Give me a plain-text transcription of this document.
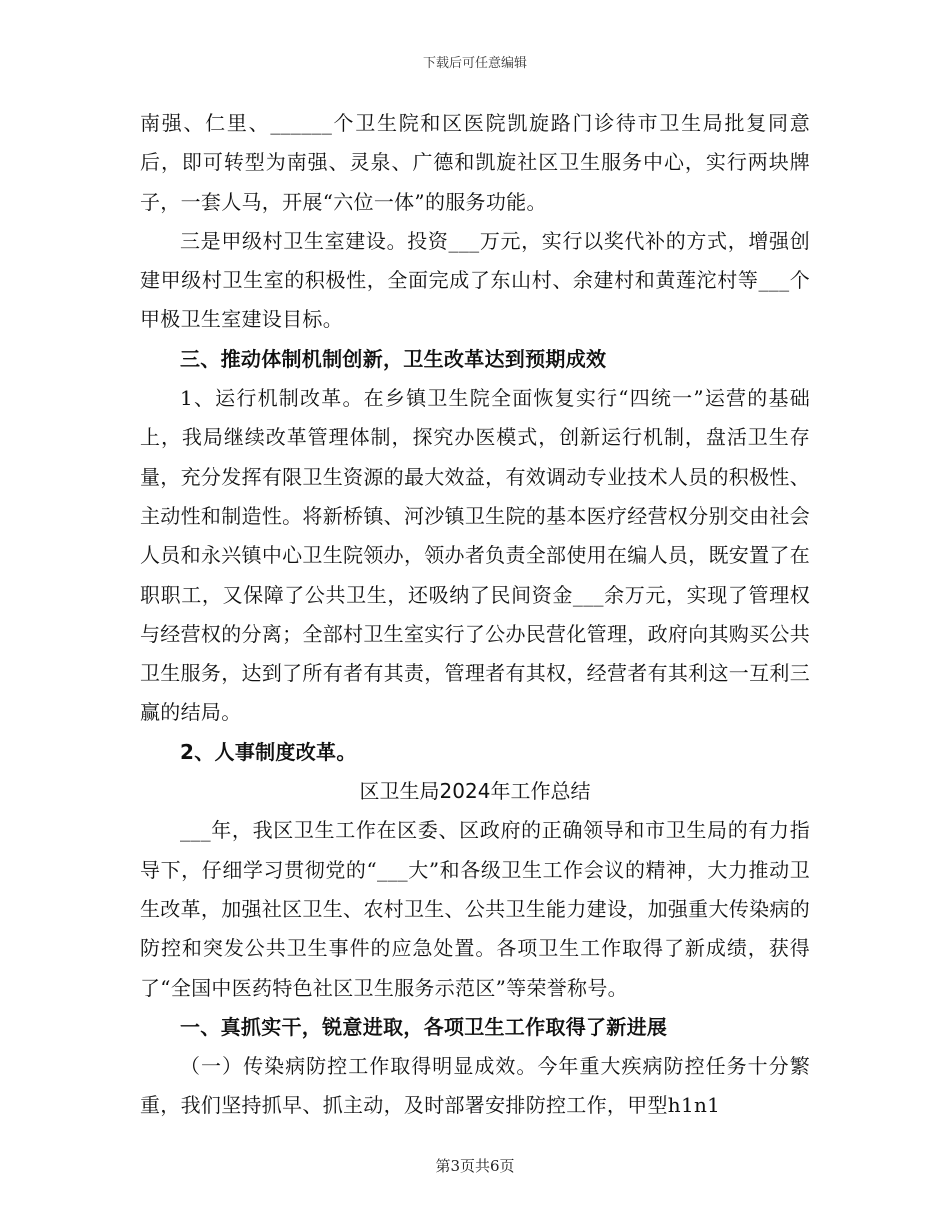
下载后可任意编辑

南强、仁里、______个卫生院和区医院凯旋路门诊待市卫生局批复同意后，即可转型为南强、灵泉、广德和凯旋社区卫生服务中心，实行两块牌子，一套人马，开展“六位一体”的服务功能。

三是甲级村卫生室建设。投资___万元，实行以奖代补的方式，增强创建甲级村卫生室的积极性，全面完成了东山村、余建村和黄莲沱村等___个甲极卫生室建设目标。

三、推动体制机制创新，卫生改革达到预期成效

1、运行机制改革。在乡镇卫生院全面恢复实行“四统一”运营的基础上，我局继续改革管理体制，探究办医模式，创新运行机制，盘活卫生存量，充分发挥有限卫生资源的最大效益，有效调动专业技术人员的积极性、主动性和制造性。将新桥镇、河沙镇卫生院的基本医疗经营权分别交由社会人员和永兴镇中心卫生院领办，领办者负责全部使用在编人员，既安置了在职职工，又保障了公共卫生，还吸纳了民间资金___余万元，实现了管理权与经营权的分离；全部村卫生室实行了公办民营化管理，政府向其购买公共卫生服务，达到了所有者有其责，管理者有其权，经营者有其利这一互利三赢的结局。

2、人事制度改革。

区卫生局2024年工作总结

___年，我区卫生工作在区委、区政府的正确领导和市卫生局的有力指导下，仔细学习贯彻党的“___大”和各级卫生工作会议的精神，大力推动卫生改革，加强社区卫生、农村卫生、公共卫生能力建设，加强重大传染病的防控和突发公共卫生事件的应急处置。各项卫生工作取得了新成绩，获得了“全国中医药特色社区卫生服务示范区”等荣誉称号。

一、真抓实干，锐意进取，各项卫生工作取得了新进展

（一）传染病防控工作取得明显成效。今年重大疾病防控任务十分繁重，我们坚持抓早、抓主动，及时部署安排防控工作，甲型h1n1

第3页共6页
